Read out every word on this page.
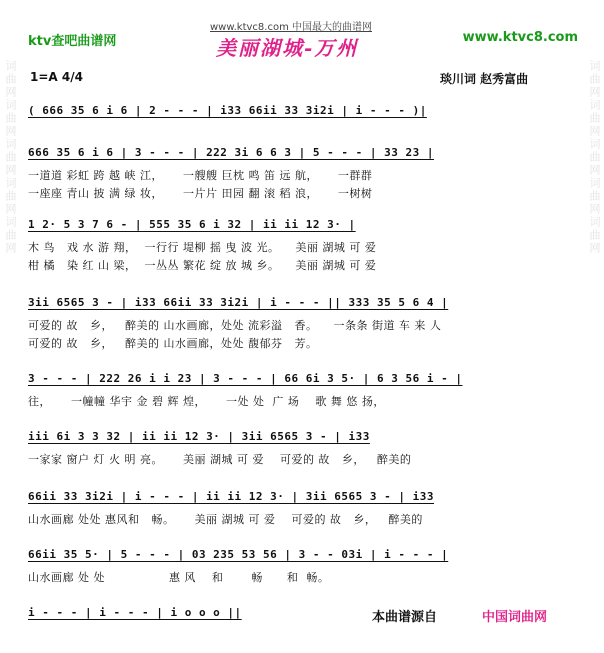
词曲网词曲网词曲网词曲网词曲网	词曲网词曲网词曲网词曲网词曲网
ktv查吧曲谱网
www.ktvc8.com 中国最大的曲谱网
www.ktvc8.com
美丽湖城-万州
1=A 4/4	琰川词 赵秀富曲
( 666 35 6 i 6 | 2 - - - | i33 66ii 33 3i2i | i - - - )|
666 35 6 i 6 | 3 - - - | 222 3i 6 6 3 | 5 - - - | 33 23 |
一道道 彩虹 跨 越 峡 江，     一艘艘 巨枕 鸣 笛 远 航，     一群群
一座座 青山 披 满 绿 妆，     一片片 田园 翻 滚 稻 浪，     一树树
1 2· 5 3 7 6 - | 555 35 6 i 32 | ii ii 12 3· |
木 鸟   戏 水 游 翔，  一行行 堤柳 摇 曳 波 光。    美丽 湖城 可 爱
柑 橘   染 红 山 梁，  一丛丛 繁花 绽 放 城 乡。    美丽 湖城 可 爱
3ii 6565 3 - | i33 66ii 33 3i2i | i - - - || 333 35 5 6 4 |
可爱的 故   乡，   醉美的 山水画廊，处处 流彩溢   香。    一条条 街道 车 来 人
可爱的 故   乡，   醉美的 山水画廊，处处 馥郁芬   芳。
3 - - - | 222 26 i i 23 | 3 - - - | 66 6i 3 5· | 6 3 56 i - |
往，     一幢幢 华宇 金 碧 辉 煌，     一处 处  广 场    歌 舞 悠 扬，
iii 6i 3 3 32 | ii ii 12 3· | 3ii 6565 3 - | i33
一家家 窗户 灯 火 明 亮。     美丽 湖城 可 爱    可爱的 故   乡，   醉美的
66ii 33 3i2i | i - - - | ii ii 12 3· | 3ii 6565 3 - | i33
山水画廊 处处 惠风和   畅。     美丽 湖城 可 爱    可爱的 故   乡，   醉美的
66ii 35 5· | 5 - - - | 03 235 53 56 | 3 - - 03i | i - - - |
山水画廊 处 处                惠 风    和       畅      和  畅。
i - - - | i - - - | i o o o ||	本曲谱源自	中国词曲网
